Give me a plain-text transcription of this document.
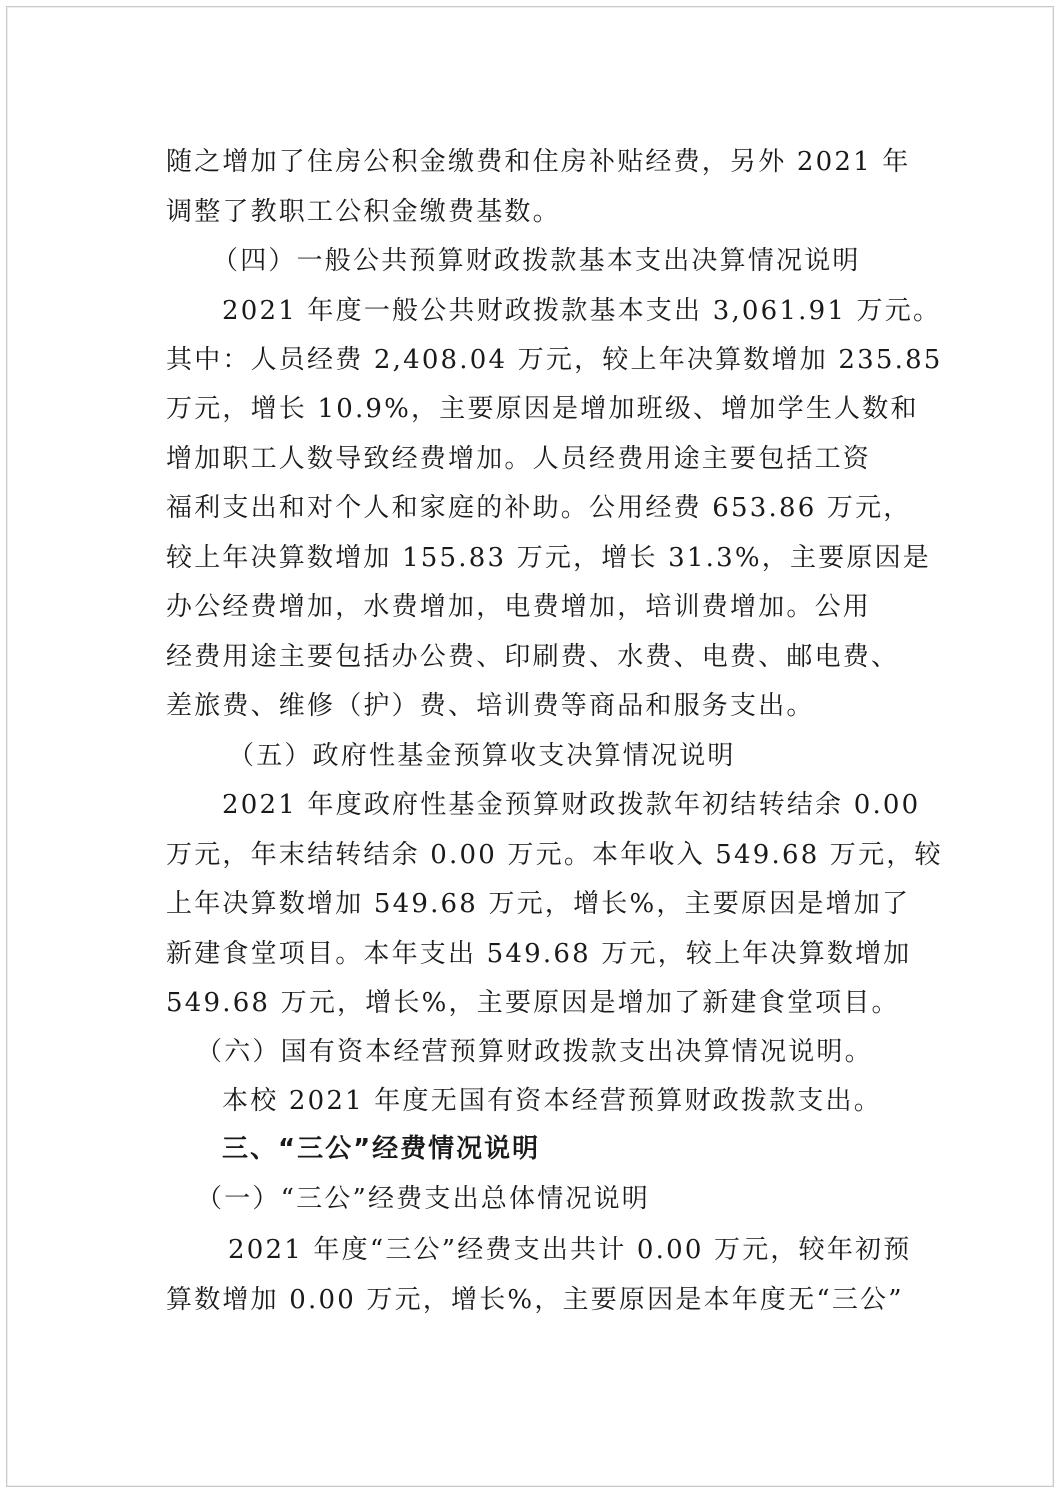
随之增加了住房公积金缴费和住房补贴经费，另外 2021 年
调整了教职工公积金缴费基数。
（四）一般公共预算财政拨款基本支出决算情况说明
2021 年度一般公共财政拨款基本支出 3,061.91 万元。
其中：人员经费 2,408.04 万元，较上年决算数增加 235.85
万元，增长 10.9%，主要原因是增加班级、增加学生人数和
增加职工人数导致经费增加。人员经费用途主要包括工资
福利支出和对个人和家庭的补助。公用经费 653.86 万元，
较上年决算数增加 155.83 万元，增长 31.3%，主要原因是
办公经费增加，水费增加，电费增加，培训费增加。公用
经费用途主要包括办公费、印刷费、水费、电费、邮电费、
差旅费、维修（护）费、培训费等商品和服务支出。
（五）政府性基金预算收支决算情况说明
2021 年度政府性基金预算财政拨款年初结转结余 0.00
万元，年末结转结余 0.00 万元。本年收入 549.68 万元，较
上年决算数增加 549.68 万元，增长%，主要原因是增加了
新建食堂项目。本年支出 549.68 万元，较上年决算数增加
549.68 万元，增长%，主要原因是增加了新建食堂项目。
（六）国有资本经营预算财政拨款支出决算情况说明。
本校 2021 年度无国有资本经营预算财政拨款支出。
三、“三公”经费情况说明
（一）“三公”经费支出总体情况说明
2021 年度“三公”经费支出共计 0.00 万元，较年初预
算数增加 0.00 万元，增长%，主要原因是本年度无“三公”
